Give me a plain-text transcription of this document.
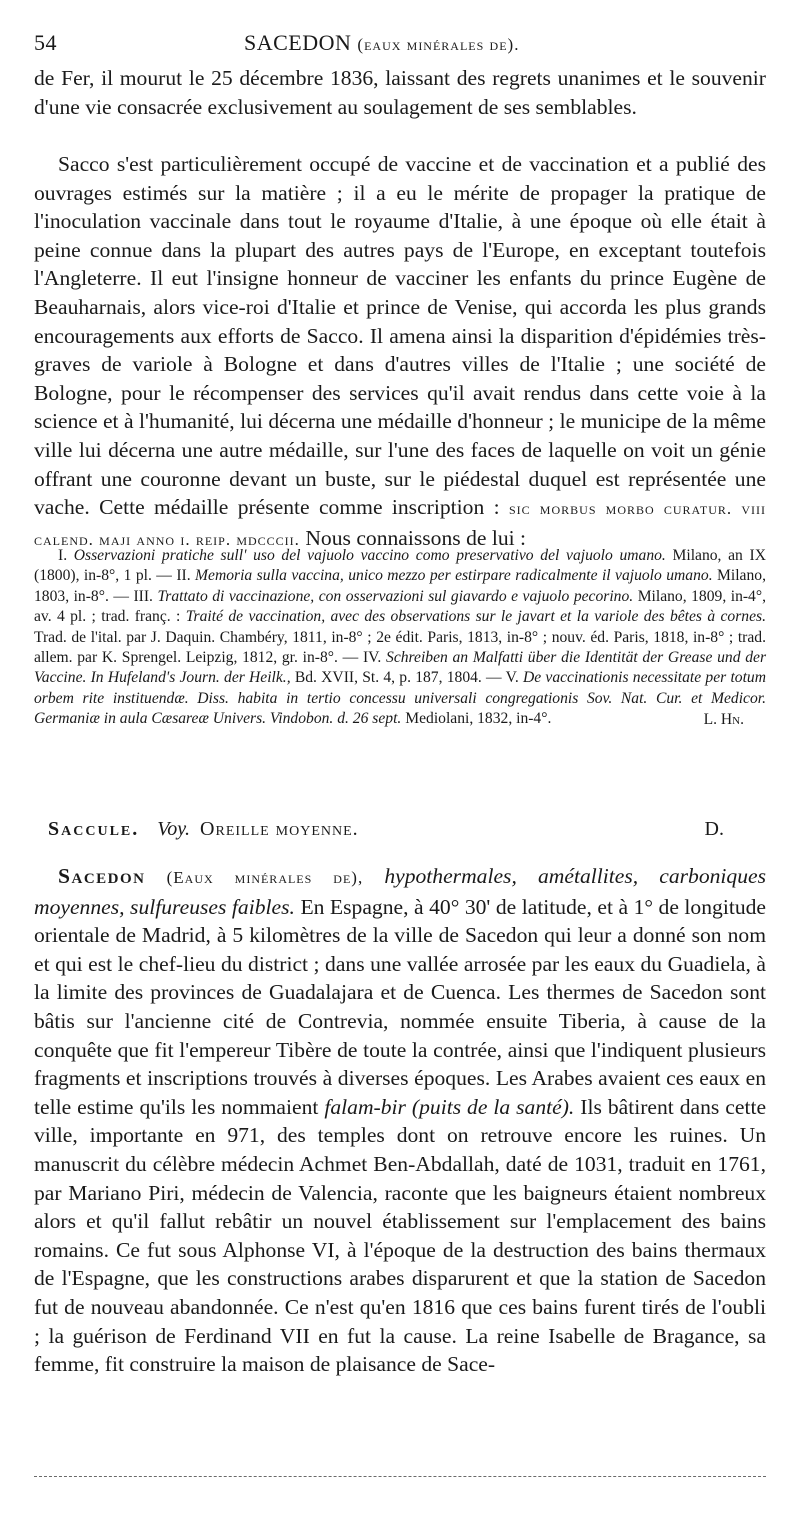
54	SACEDON (eaux minérales de).

de Fer, il mourut le 25 décembre 1836, laissant des regrets unanimes et le souvenir d'une vie consacrée exclusivement au soulagement de ses semblables.

Sacco s'est particulièrement occupé de vaccine et de vaccination et a publié des ouvrages estimés sur la matière ; il a eu le mérite de propager la pratique de l'inoculation vaccinale dans tout le royaume d'Italie, à une époque où elle était à peine connue dans la plupart des autres pays de l'Europe, en exceptant toutefois l'Angleterre. Il eut l'insigne honneur de vacciner les enfants du prince Eugène de Beauharnais, alors vice-roi d'Italie et prince de Venise, qui accorda les plus grands encouragements aux efforts de Sacco. Il amena ainsi la disparition d'épidémies très-graves de variole à Bologne et dans d'autres villes de l'Italie ; une société de Bologne, pour le récompenser des services qu'il avait rendus dans cette voie à la science et à l'humanité, lui décerna une médaille d'honneur ; le municipe de la même ville lui décerna une autre médaille, sur l'une des faces de laquelle on voit un génie offrant une couronne devant un buste, sur le piédestal duquel est représentée une vache. Cette médaille présente comme inscription : sic morbus morbo curatur. viii calend. maji anno i. reip. mdcccii. Nous connaissons de lui :

I. Osservazioni pratiche sull' uso del vajuolo vaccino como preservativo del vajuolo umano. Milano, an IX (1800), in-8°, 1 pl. — II. Memoria sulla vaccina, unico mezzo per estirpare radicalmente il vajuolo umano. Milano, 1803, in-8°. — III. Trattato di vaccinazione, con osservazioni sul giavardo e vajuolo pecorino. Milano, 1809, in-4°, av. 4 pl. ; trad. franç. : Traité de vaccination, avec des observations sur le javart et la variole des bêtes à cornes. Trad. de l'ital. par J. Daquin. Chambéry, 1811, in-8° ; 2e édit. Paris, 1813, in-8° ; nouv. éd. Paris, 1818, in-8° ; trad. allem. par K. Sprengel. Leipzig, 1812, gr. in-8°. — IV. Schreiben an Malfatti über die Identität der Grease und der Vaccine. In Hufeland's Journ. der Heilk., Bd. XVII, St. 4, p. 187, 1804. — V. De vaccinationis necessitate per totum orbem rite instituendæ. Diss. habita in tertio concessu universali congregationis Sov. Nat. Cur. et Medicor. Germaniæ in aula Cæsareæ Univers. Vindobon. d. 26 sept. Mediolani, 1832, in-4°.	L. Hn.
Saccule. Voy. Oreille moyenne.	D.

Sacedon (Eaux minérales de), hypothermales, amétallites, carboniques moyennes, sulfureuses faibles. En Espagne, à 40° 30' de latitude, et à 1° de longitude orientale de Madrid, à 5 kilomètres de la ville de Sacedon qui leur a donné son nom et qui est le chef-lieu du district ; dans une vallée arrosée par les eaux du Guadiela, à la limite des provinces de Guadalajara et de Cuenca. Les thermes de Sacedon sont bâtis sur l'ancienne cité de Contrevia, nommée ensuite Tiberia, à cause de la conquête que fit l'empereur Tibère de toute la contrée, ainsi que l'indiquent plusieurs fragments et inscriptions trouvés à diverses époques. Les Arabes avaient ces eaux en telle estime qu'ils les nommaient falam-bir (puits de la santé). Ils bâtirent dans cette ville, importante en 971, des temples dont on retrouve encore les ruines. Un manuscrit du célèbre médecin Achmet Ben-Abdallah, daté de 1031, traduit en 1761, par Mariano Piri, médecin de Valencia, raconte que les baigneurs étaient nombreux alors et qu'il fallut rebâtir un nouvel établissement sur l'emplacement des bains romains. Ce fut sous Alphonse VI, à l'époque de la destruction des bains thermaux de l'Espagne, que les constructions arabes disparurent et que la station de Sacedon fut de nouveau abandonnée. Ce n'est qu'en 1816 que ces bains furent tirés de l'oubli ; la guérison de Ferdinand VII en fut la cause. La reine Isabelle de Bragance, sa femme, fit construire la maison de plaisance de Sace-
